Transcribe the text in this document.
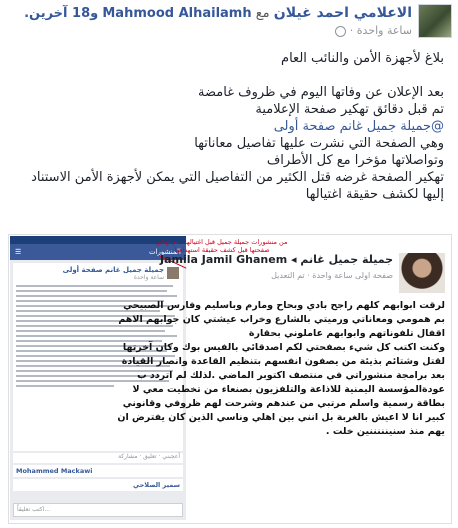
الاعلامي احمد غيلان مع Mahmood Alhailamh و18 آخرين.
ساعة واحدة ·

بلاغ لأجهزة الأمن والنائب العام

بعد الإعلان عن وفاتها اليوم في ظروف غامضة

تم قبل دقائق تهكير صفحة الإعلامية

@جميلة جميل غانم صفحة أولى

وهي الصفحة التي نشرت عليها تفاصيل معاناتها

وتواصلاتها مؤخرا مع كل الأطراف

تهكير الصفحة غرضه قتل الكثير من التفاصيل التي يمكن لأجهزة الأمن الاستناد

إليها لكشف حقيقة اغتيالها

☰	المنشورات
جميلة جميل غانم صفحة أولى
ساعة واحدة
أعجبني · تعليق · مشاركة
Mohammed Mackawi
سمير الصلاحي
اكتب تعليقاً...
من منشورات جميلة جميل قبل اغتيالها.. تم تهكير صفحتها قبل كشف حقيقة استهدافها
جميلة جميل غانم ◂ Jamila Jamil Ghanem
صفحة اولى ساعة واحدة · تم التعديل

لرقت ابوابهم كلهم راجح بادي وبحاح ومارم وباسليم وفارس الصبيحي

بم همومي ومعاناتي ورميتي بالشارع وخراب عيشتي كان جوابهم الاهم

اقفال تلفوناتهم وابوابهم عاملوني بحقارة

وكنت اكتب كل شيء بصفحتي لكم اصدقائي بالفيس بوك وكان آخرتها

لقتل وشتائم بذيئة من يصفون انفسهم بتنظيم القاعدة وانصار القيادة

بعد برامجة منشوراتي في منتصف اكتوبر الماضي .لذلك لم اتردد ب

عودةالمؤسسة اليمنية للاذاعة والتلفزيون بصنعاء من تخطيت معي لا

بطاقة رسمية واسلم مرتبي من عندهم وشرحت لهم ظروفي وقانوني

كبير انا لا اعيش بالغربة بل انني بين اهلي وناسي الذين كان يفترض ان

يهم منذ سنينننننين خلت .
